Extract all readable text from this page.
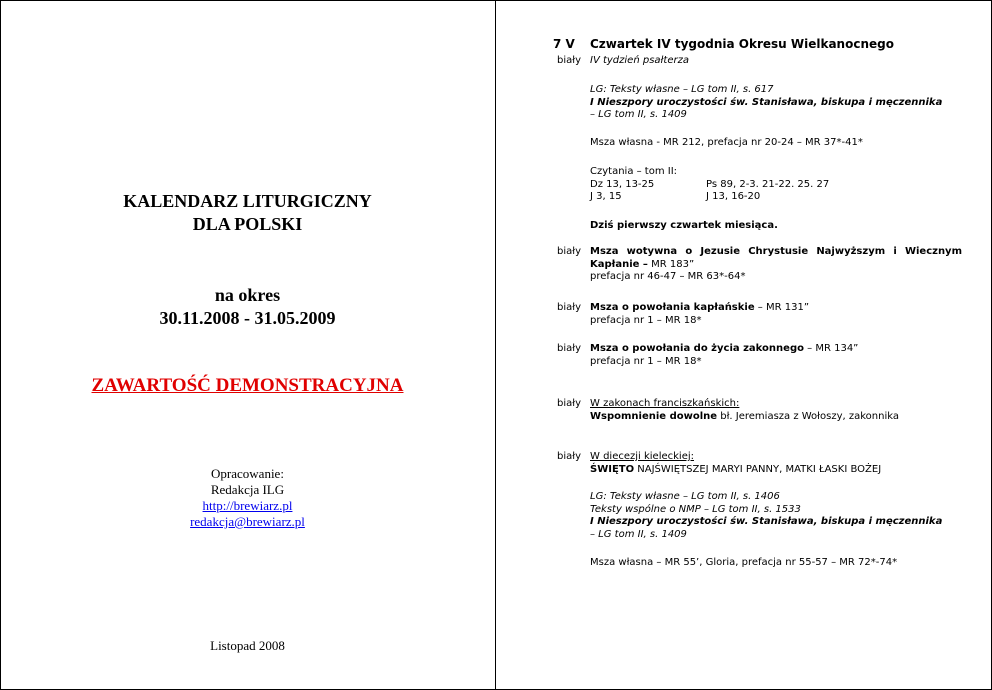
KALENDARZ LITURGICZNY
DLA POLSKI
na okres
30.11.2008 - 31.05.2009
ZAWARTOŚĆ DEMONSTRACYJNA
Opracowanie:
Redakcja ILG
http://brewiarz.pl
redakcja@brewiarz.pl
Listopad 2008
7 V Czwartek IV tygodnia Okresu Wielkanocnego
biały IV tydzień psałterza
LG: Teksty własne – LG tom II, s. 617
I Nieszpory uroczystości św. Stanisława, biskupa i męczennika
– LG tom II, s. 1409
Msza własna - MR 212, prefacja nr 20-24 – MR 37*-41*
Czytania – tom II:
Dz 13, 13-25	Ps 89, 2-3. 21-22. 25. 27
J 3, 15	J 13, 16-20
Dziś pierwszy czwartek miesiąca.
biały Msza wotywna o Jezusie Chrystusie Najwyższym i Wiecznym Kapłanie – MR 183”
prefacja nr 46-47 – MR 63*-64*
biały Msza o powołania kapłańskie – MR 131”
prefacja nr 1 – MR 18*
biały Msza o powołania do życia zakonnego – MR 134”
prefacja nr 1 – MR 18*
biały W zakonach franciszkańskich:
Wspomnienie dowolne bł. Jeremiasza z Wołoszy, zakonnika
biały W diecezji kieleckiej:
ŚWIĘTO NAJŚWIĘTSZEJ MARYI PANNY, MATKI ŁASKI BOŻEJ
LG: Teksty własne – LG tom II, s. 1406
Teksty wspólne o NMP – LG tom II, s. 1533
I Nieszpory uroczystości św. Stanisława, biskupa i męczennika
– LG tom II, s. 1409
Msza własna – MR 55’, Gloria, prefacja nr 55-57 – MR 72*-74*
